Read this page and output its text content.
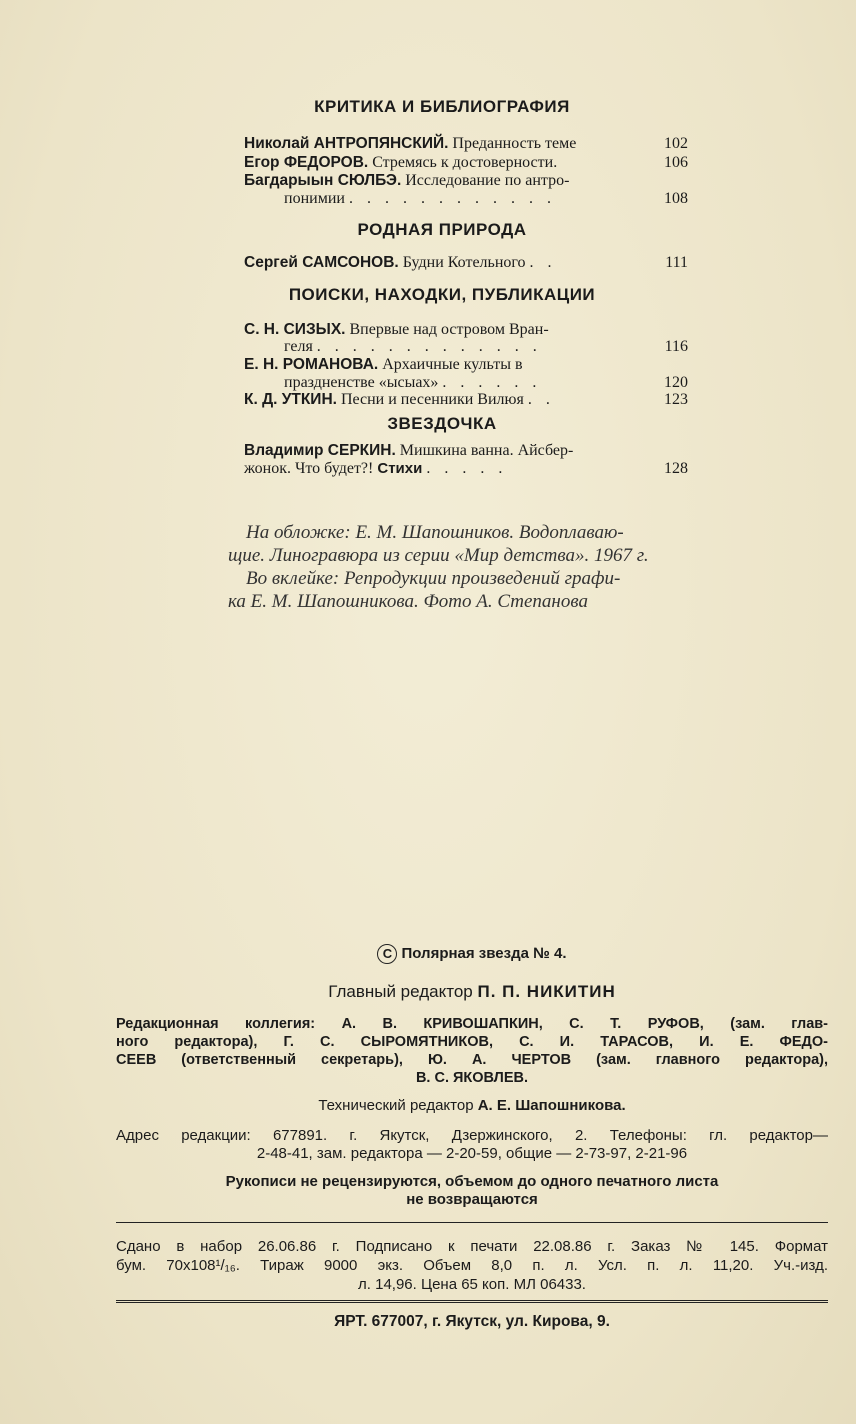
КРИТИКА И БИБЛИОГРАФИЯ
Николай АНТРОПЯНСКИЙ. Преданность теме	102
Егор ФЕДОРОВ. Стремясь к достоверности.	106
Багдарыын СЮЛБЭ. Исследование по антро-
понимии . . . . . . . . . . . .	108
РОДНАЯ ПРИРОДА
Сергей САМСОНОВ. Будни Котельного . .	111
ПОИСКИ, НАХОДКИ, ПУБЛИКАЦИИ
С. Н. СИЗЫХ. Впервые над островом Вран-
геля . . . . . . . . . . . . .	116
Е. Н. РОМАНОВА. Архаичные культы в
праздненстве «ысыах» . . . . . .	120
К. Д. УТКИН. Песни и песенники Вилюя . .	123
ЗВЕЗДОЧКА
Владимир СЕРКИН. Мишкина ванна. Айсбер-
жонок. Что будет?! Стихи . . . . .	128
На обложке: Е. М. Шапошников. Водоплаваю-
щие. Линогравюра из серии «Мир детства». 1967 г.
Во вклейке: Репродукции произведений графи-
ка Е. М. Шапошникова. Фото А. Степанова
C Полярная звезда № 4.
Главный редактор П. П. НИКИТИН
Редакционная коллегия: А. В. КРИВОШАПКИН, С. Т. РУФОВ, (зам. глав-
ного редактора), Г. С. СЫРОМЯТНИКОВ, С. И. ТАРАСОВ, И. Е. ФЕДО-
СЕЕВ (ответственный секретарь), Ю. А. ЧЕРТОВ (зам. главного редактора),
В. С. ЯКОВЛЕВ.
Технический редактор А. Е. Шапошникова.
Адрес редакции: 677891. г. Якутск, Дзержинского, 2. Телефоны: гл. редактор—
2-48-41, зам. редактора — 2-20-59, общие — 2-73-97, 2-21-96
Рукописи не рецензируются, объемом до одного печатного листа
не возвращаются
Сдано в набор 26.06.86 г. Подписано к печати 22.08.86 г. Заказ № 145. Формат
бум. 70х108¹/₁₆. Тираж 9000 экз. Объем 8,0 п. л. Усл. п. л. 11,20. Уч.-изд.
л. 14,96. Цена 65 коп. МЛ 06433.
ЯРТ. 677007, г. Якутск, ул. Кирова, 9.
